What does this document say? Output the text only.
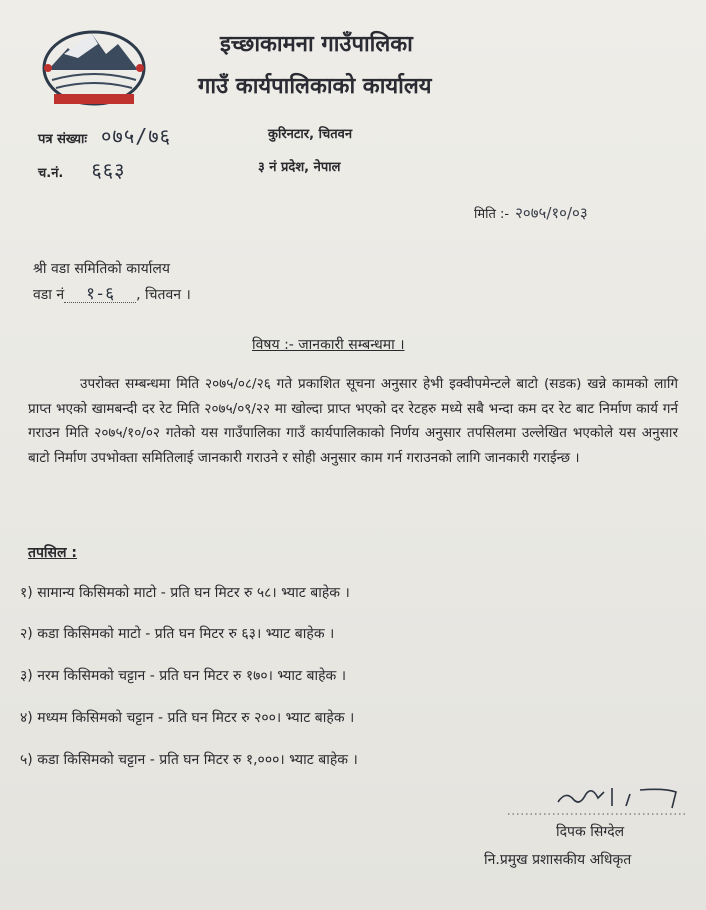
इच्छाकामना गाउँपालिका
गाउँ कार्यपालिकाको कार्यालय
पत्र संख्याः ०७५/७६
च.नं. ६६३
कुरिनटार, चितवन
३ नं प्रदेश, नेपाल
मिति :- २०७५/१०/०३
श्री वडा समितिको कार्यालय
वडा नं १-६ , चितवन ।
विषय :- जानकारी सम्बन्धमा ।
उपरोक्त सम्बन्धमा मिति २०७५/०८/२६ गते प्रकाशित सूचना अनुसार हेभी इक्वीपमेन्टले बाटो (सडक) खन्ने कामको लागि प्राप्त भएको खामबन्दी दर रेट मिति २०७५/०९/२२ मा खोल्दा प्राप्त भएको दर रेटहरु मध्ये सबै भन्दा कम दर रेट बाट निर्माण कार्य गर्न गराउन मिति २०७५/१०/०२ गतेको यस गाउँपालिका गाउँ कार्यपालिकाको निर्णय अनुसार तपसिलमा उल्लेखित भएकोले यस अनुसार बाटो निर्माण उपभोक्ता समितिलाई जानकारी गराउने र सोही अनुसार काम गर्न गराउनको लागि जानकारी गराईन्छ ।
तपसिल :
१) सामान्य किसिमको माटो - प्रति घन मिटर रु ५८। भ्याट बाहेक ।
२) कडा किसिमको माटो - प्रति घन मिटर रु ६३। भ्याट बाहेक ।
३) नरम किसिमको चट्टान - प्रति घन मिटर रु १७०। भ्याट बाहेक ।
४) मध्यम किसिमको चट्टान - प्रति घन मिटर रु २००। भ्याट बाहेक ।
५) कडा किसिमको चट्टान - प्रति घन मिटर रु १,०००। भ्याट बाहेक ।
दिपक सिग्देल
नि.प्रमुख प्रशासकीय अधिकृत
